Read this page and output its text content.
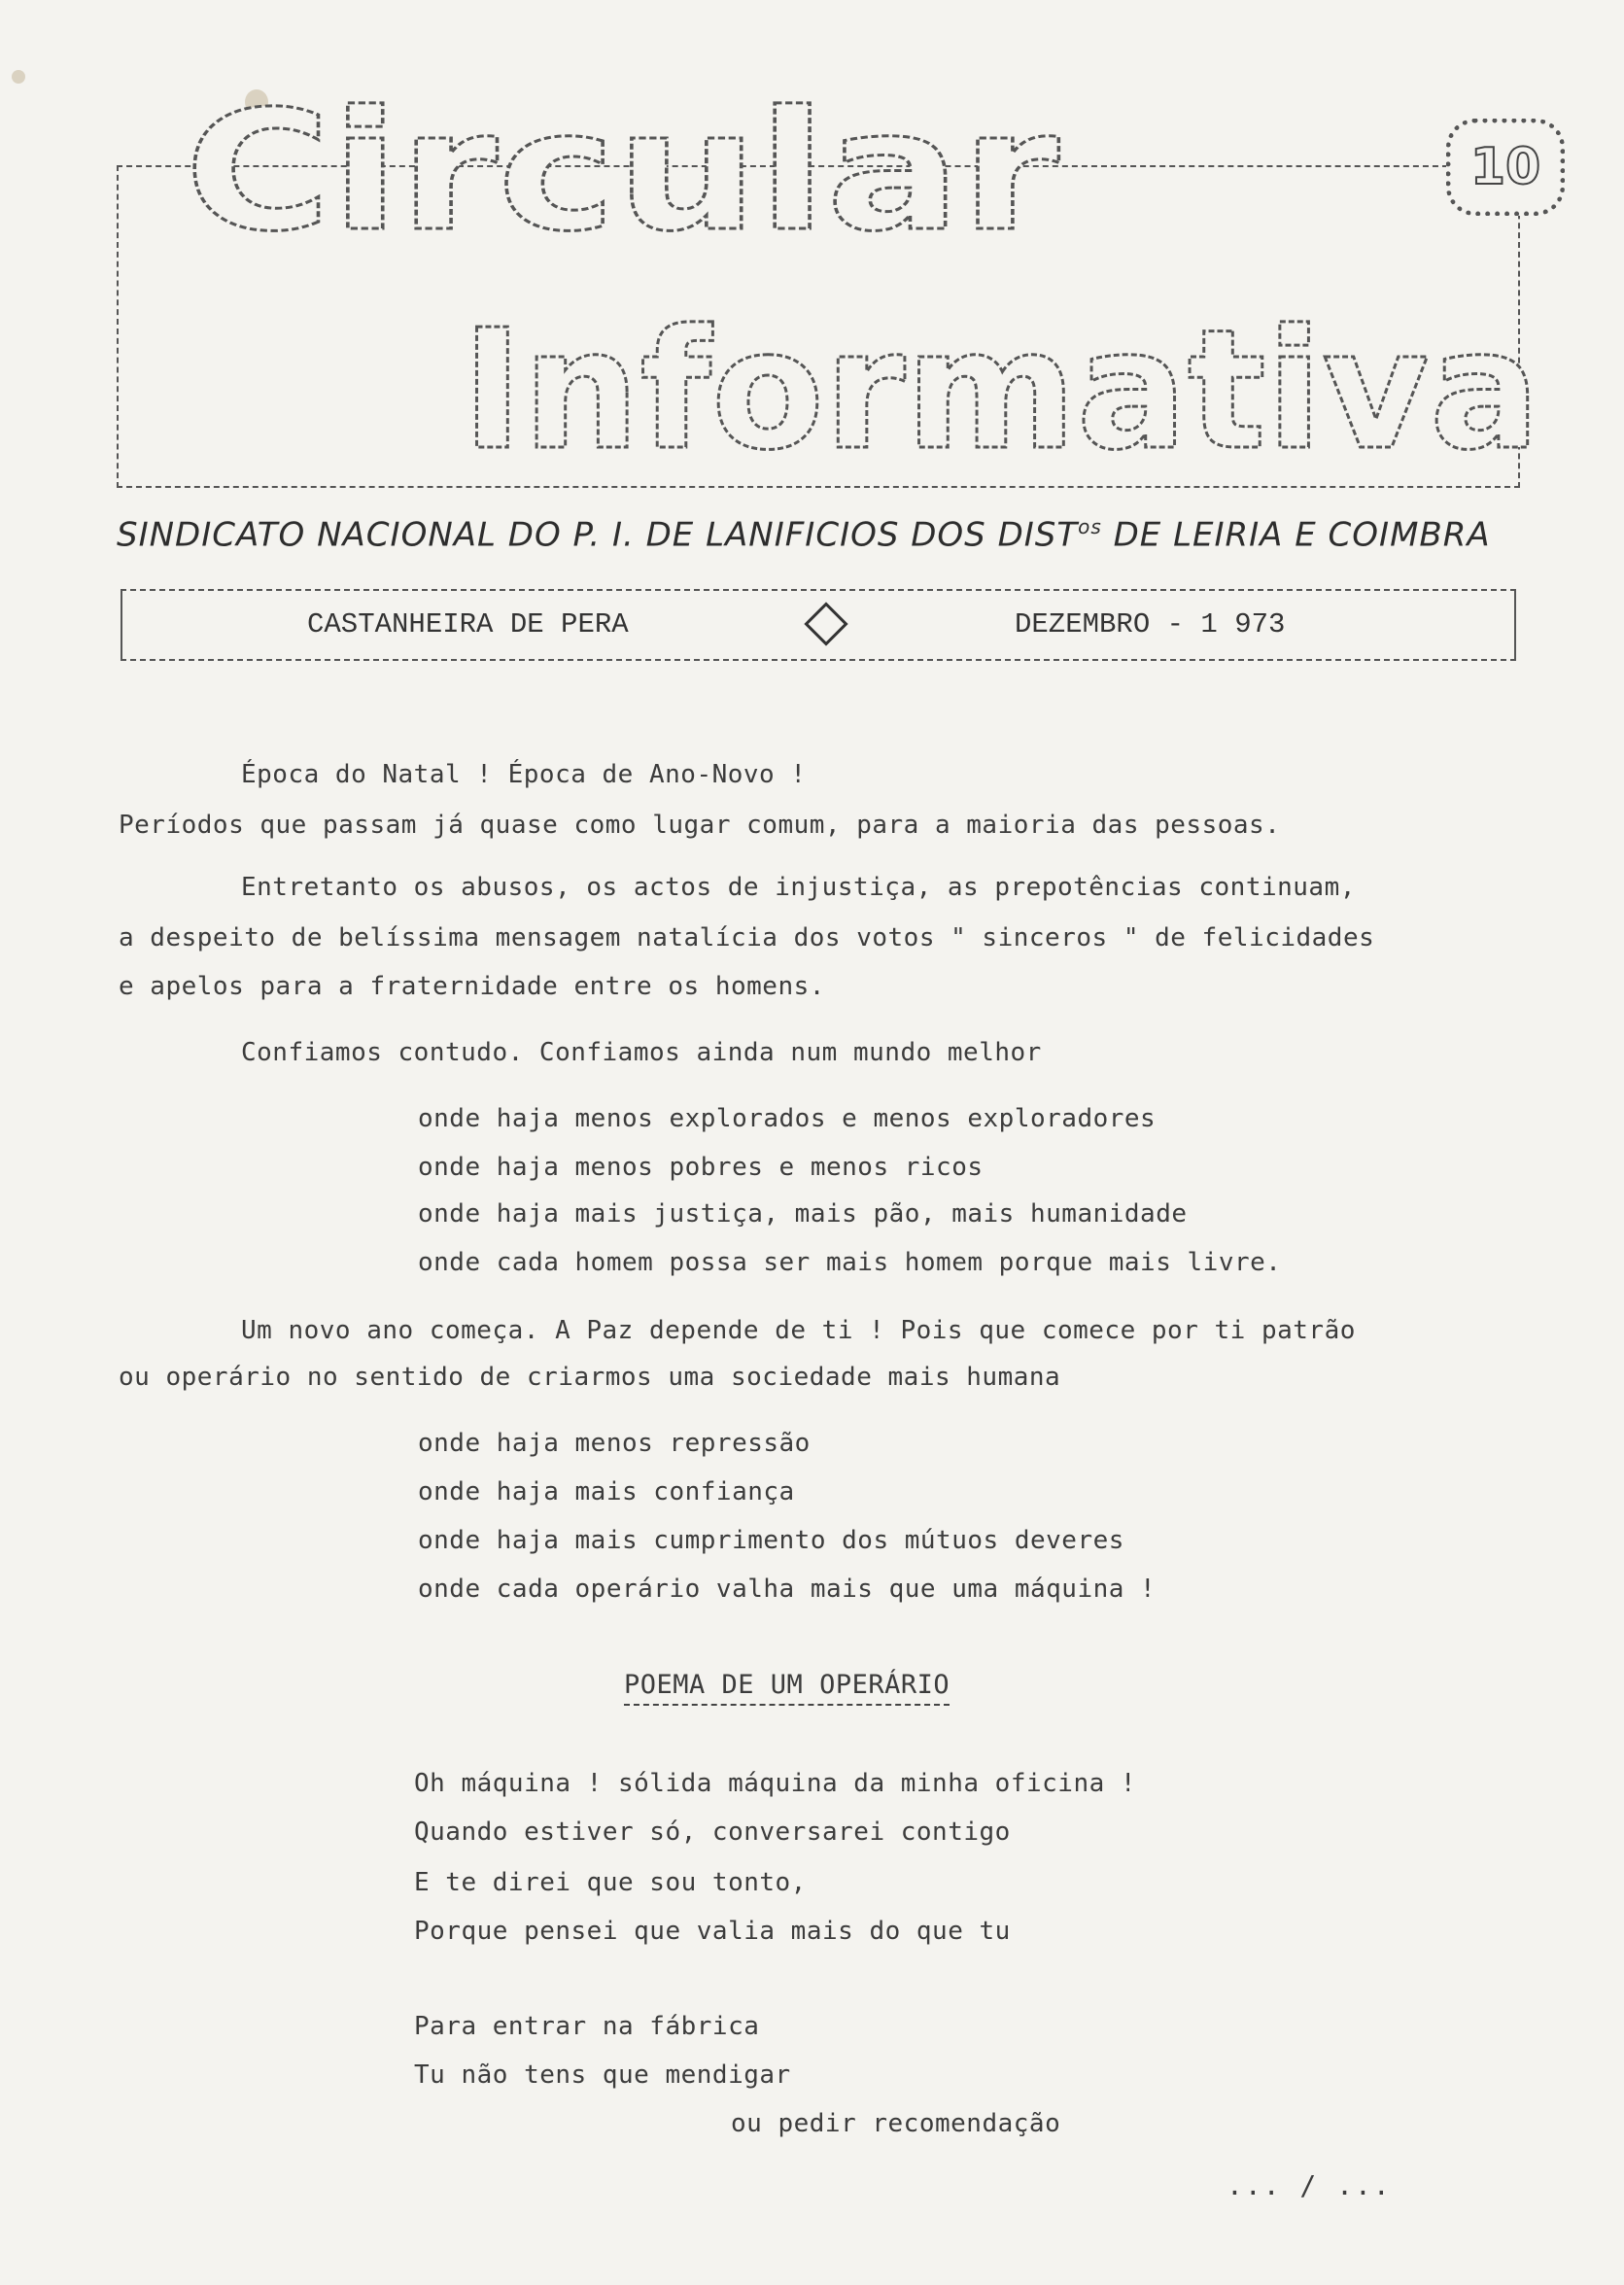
Circular
Informativa
10
SINDICATO NACIONAL DO P. I. DE LANIFICIOS DOS $DIST^{os}$ DE LEIRIA E COIMBRA
CASTANHEIRA DE PERA	DEZEMBRO - 1 973

Época do Natal ! Época de Ano-Novo !

Períodos que passam já quase como lugar comum, para a maioria das pessoas.

Entretanto os abusos, os actos de injustiça, as prepotências continuam,

a despeito de belíssima mensagem natalícia dos votos " sinceros " de felicidades

e apelos para a fraternidade entre os homens.

Confiamos contudo. Confiamos ainda num mundo melhor

onde haja menos explorados e menos exploradores

onde haja menos pobres e menos ricos

onde haja mais justiça, mais pão, mais humanidade

onde cada homem possa ser mais homem porque mais livre.

Um novo ano começa. A Paz depende de ti ! Pois que comece por ti patrão

ou operário no sentido de criarmos uma sociedade mais humana

onde haja menos repressão

onde haja mais confiança

onde haja mais cumprimento dos mútuos deveres

onde cada operário valha mais que uma máquina !

POEMA DE UM OPERÁRIO

Oh máquina ! sólida máquina da minha oficina !

Quando estiver só, conversarei contigo

E te direi que sou tonto,

Porque pensei que valia mais do que tu

Para entrar na fábrica

Tu não tens que mendigar

ou pedir recomendação

... / ...
